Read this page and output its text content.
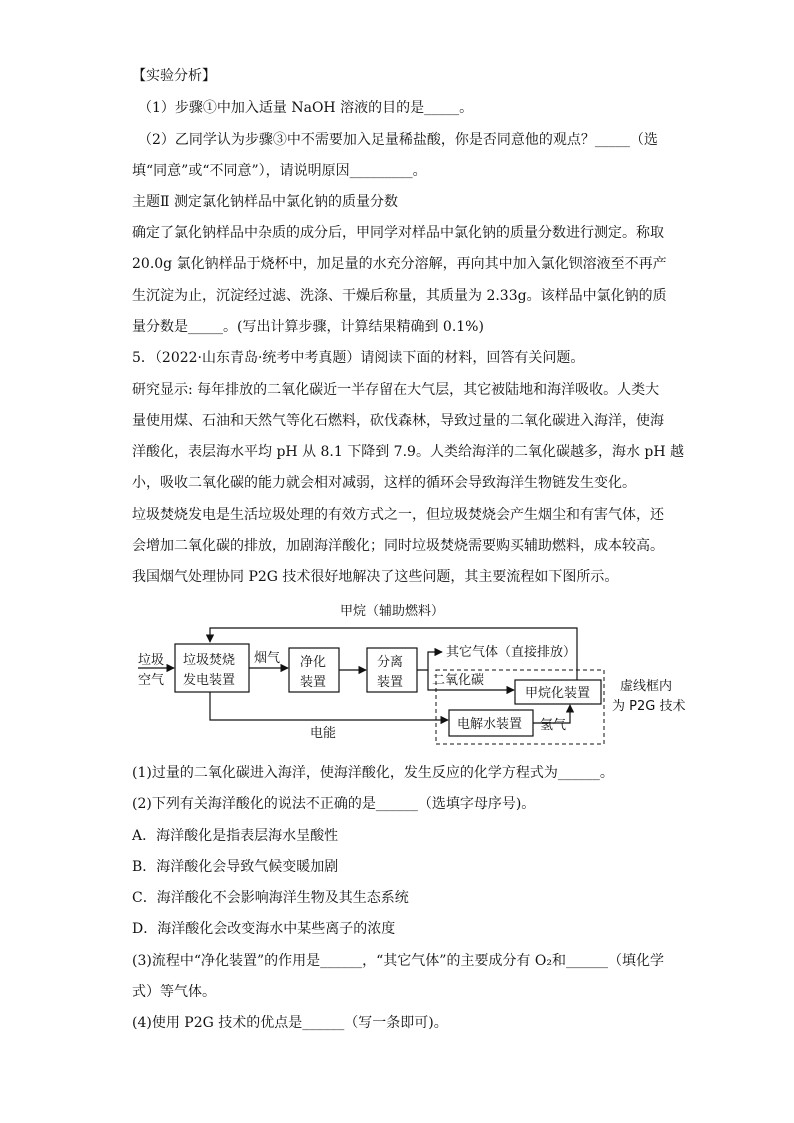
【实验分析】
（1）步骤①中加入适量 NaOH 溶液的目的是_____。
（2）乙同学认为步骤③中不需要加入足量稀盐酸，你是否同意他的观点？_____（选
填“同意”或“不同意”），请说明原因_________。
主题Ⅱ 测定氯化钠样品中氯化钠的质量分数
确定了氯化钠样品中杂质的成分后，甲同学对样品中氯化钠的质量分数进行测定。称取
20.0g 氯化钠样品于烧杯中，加足量的水充分溶解，再向其中加入氯化钡溶液至不再产
生沉淀为止，沉淀经过滤、洗涤、干燥后称量，其质量为 2.33g。该样品中氯化钠的质
量分数是_____。(写出计算步骤，计算结果精确到 0.1%)
5．（2022·山东青岛·统考中考真题）请阅读下面的材料，回答有关问题。
研究显示: 每年排放的二氧化碳近一半存留在大气层，其它被陆地和海洋吸收。人类大
量使用煤、石油和天然气等化石燃料，砍伐森林，导致过量的二氧化碳进入海洋，使海
洋酸化，表层海水平均 pH 从 8.1 下降到 7.9。人类给海洋的二氧化碳越多，海水 pH 越
小，吸收二氧化碳的能力就会相对减弱，这样的循环会导致海洋生物链发生变化。
垃圾焚烧发电是生活垃圾处理的有效方式之一，但垃圾焚烧会产生烟尘和有害气体，还
会增加二氧化碳的排放，加剧海洋酸化；同时垃圾焚烧需要购买辅助燃料，成本较高。
我国烟气处理协同 P2G 技术很好地解决了这些问题，其主要流程如下图所示。
甲烷（辅助燃料）
垃圾
空气
垃圾焚烧
发电装置
烟气 净化
装置
分离
装置
其它气体（直接排放）
二氧化碳
甲烷化装置
电能
电解水装置 氢气
虚线框内
为 P2G 技术
(1)过量的二氧化碳进入海洋，使海洋酸化，发生反应的化学方程式为______。
(2)下列有关海洋酸化的说法不正确的是______（选填字母序号)。
A．海洋酸化是指表层海水呈酸性
B．海洋酸化会导致气候变暖加剧
C．海洋酸化不会影响海洋生物及其生态系统
D．海洋酸化会改变海水中某些离子的浓度
(3)流程中“净化装置”的作用是______，“其它气体”的主要成分有 O₂和______（填化学
式）等气体。
(4)使用 P2G 技术的优点是______（写一条即可)。
